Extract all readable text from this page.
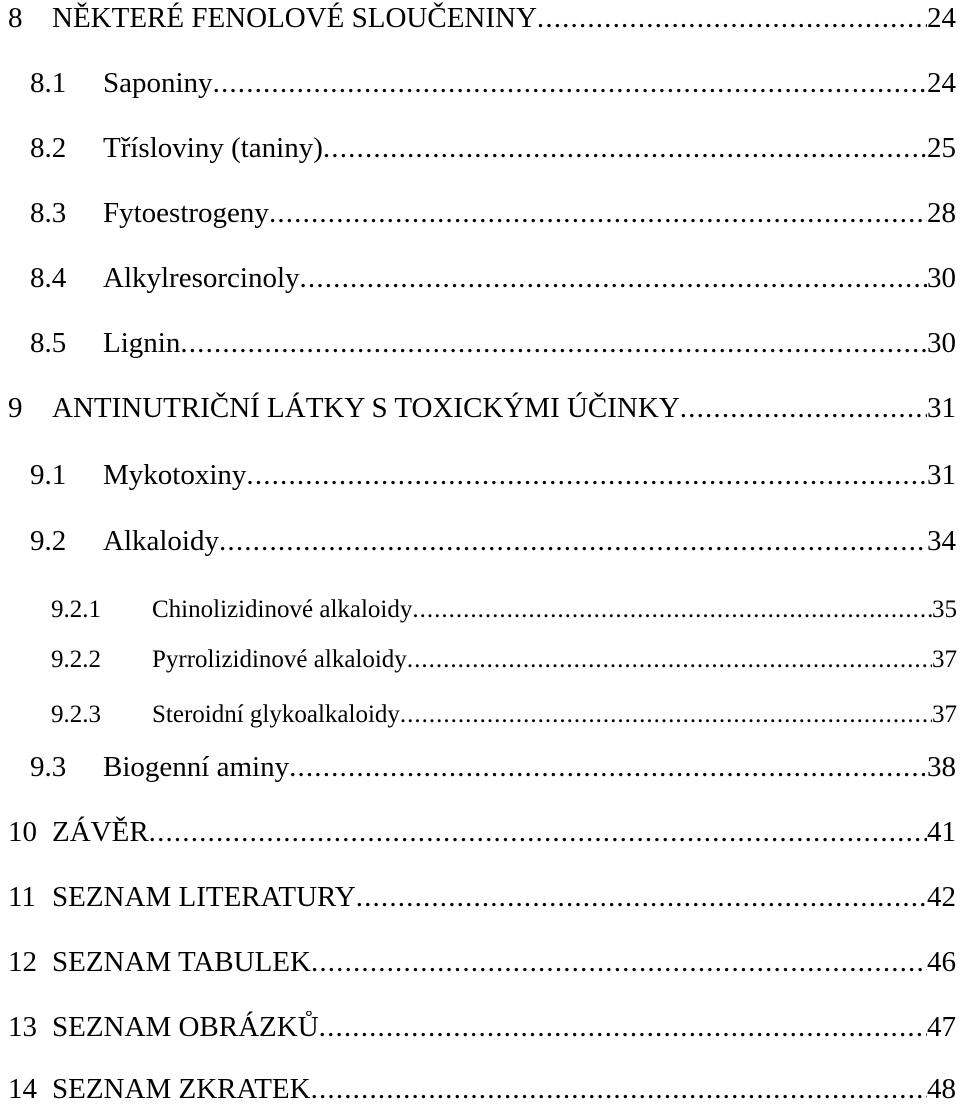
8 NĚKTERÉ FENOLOVÉ SLOUČENINY .....	24
8.1 Saponiny .....	24
8.2 Třísloviny (taniny) .....	25
8.3 Fytoestrogeny .....	28
8.4 Alkylresorcinoly .....	30
8.5 Lignin .....	30
9 ANTINUTRIČNÍ LÁTKY S TOXICKÝMI ÚČINKY .....	31
9.1 Mykotoxiny .....	31
9.2 Alkaloidy .....	34
9.2.1 Chinolizidinové alkaloidy .....	35
9.2.2 Pyrrolizidinové alkaloidy .....	37
9.2.3 Steroidní glykoalkaloidy .....	37
9.3 Biogenní aminy .....	38
10 ZÁVĚR .....	41
11 SEZNAM LITERATURY .....	42
12 SEZNAM TABULEK .....	46
13 SEZNAM OBRÁZKŮ .....	47
14 SEZNAM ZKRATEK .....	48
